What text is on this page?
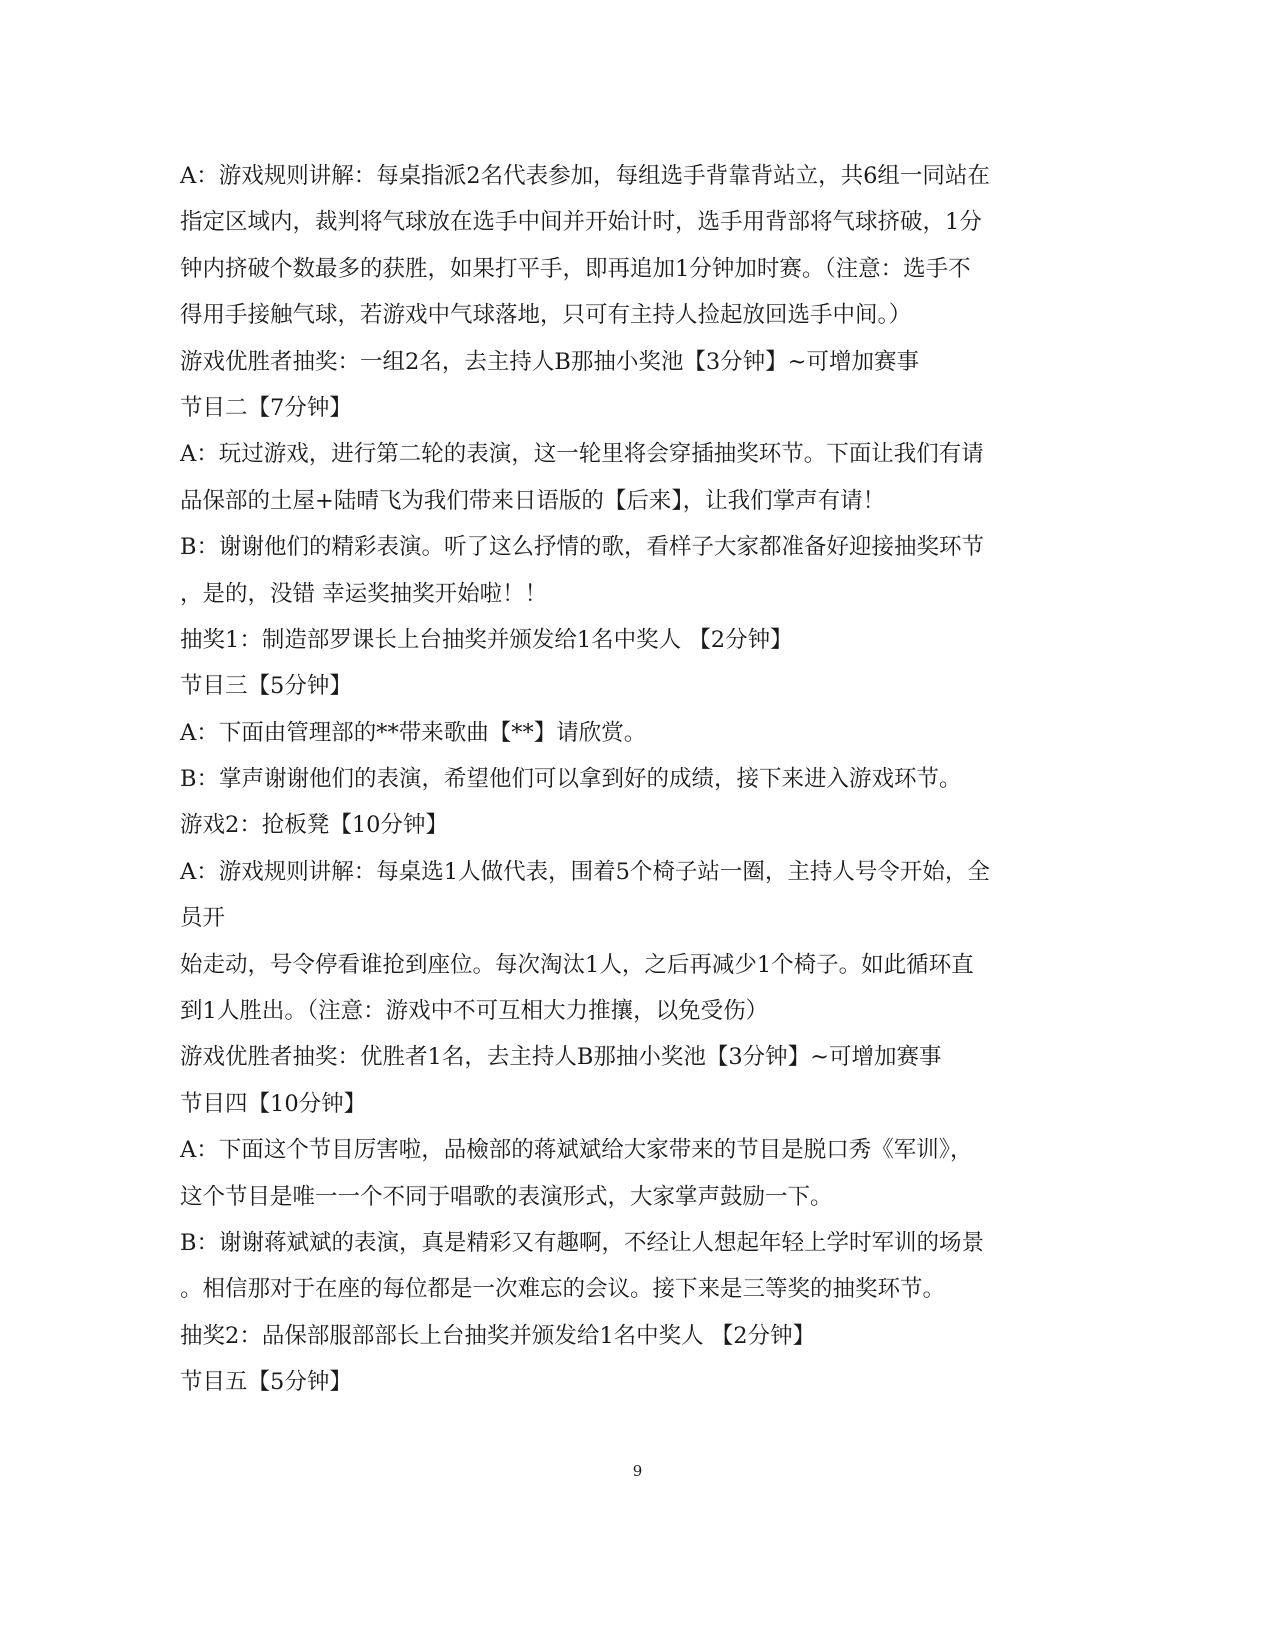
A：游戏规则讲解：每桌指派2名代表参加，每组选手背靠背站立，共6组一同站在

指定区域内，裁判将气球放在选手中间并开始计时，选手用背部将气球挤破，1分

钟内挤破个数最多的获胜，如果打平手，即再追加1分钟加时赛。（注意：选手不

得用手接触气球，若游戏中气球落地，只可有主持人捡起放回选手中间。）

游戏优胜者抽奖：一组2名，去主持人B那抽小奖池【3分钟】~可增加赛事

节目二【7分钟】

A：玩过游戏，进行第二轮的表演，这一轮里将会穿插抽奖环节。下面让我们有请

品保部的土屋+陆晴飞为我们带来日语版的【后来】，让我们掌声有请！

B：谢谢他们的精彩表演。听了这么抒情的歌，看样子大家都准备好迎接抽奖环节

，是的，没错 幸运奖抽奖开始啦！！

抽奖1：制造部罗课长上台抽奖并颁发给1名中奖人 【2分钟】

节目三【5分钟】

A：下面由管理部的**带来歌曲【**】请欣赏。

B：掌声谢谢他们的表演，希望他们可以拿到好的成绩，接下来进入游戏环节。

游戏2：抢板凳【10分钟】

A：游戏规则讲解：每桌选1人做代表，围着5个椅子站一圈，主持人号令开始，全

员开

始走动，号令停看谁抢到座位。每次淘汰1人，之后再减少1个椅子。如此循环直

到1人胜出。（注意：游戏中不可互相大力推攘，以免受伤）

游戏优胜者抽奖：优胜者1名，去主持人B那抽小奖池【3分钟】~可增加赛事

节目四【10分钟】

A：下面这个节目厉害啦，品檢部的蒋斌斌给大家带来的节目是脱口秀《军训》，

这个节目是唯一一个不同于唱歌的表演形式，大家掌声鼓励一下。

B：谢谢蒋斌斌的表演，真是精彩又有趣啊，不经让人想起年轻上学时军训的场景

。相信那对于在座的每位都是一次难忘的会议。接下来是三等奖的抽奖环节。

抽奖2：品保部服部部长上台抽奖并颁发给1名中奖人 【2分钟】

节目五【5分钟】

9
